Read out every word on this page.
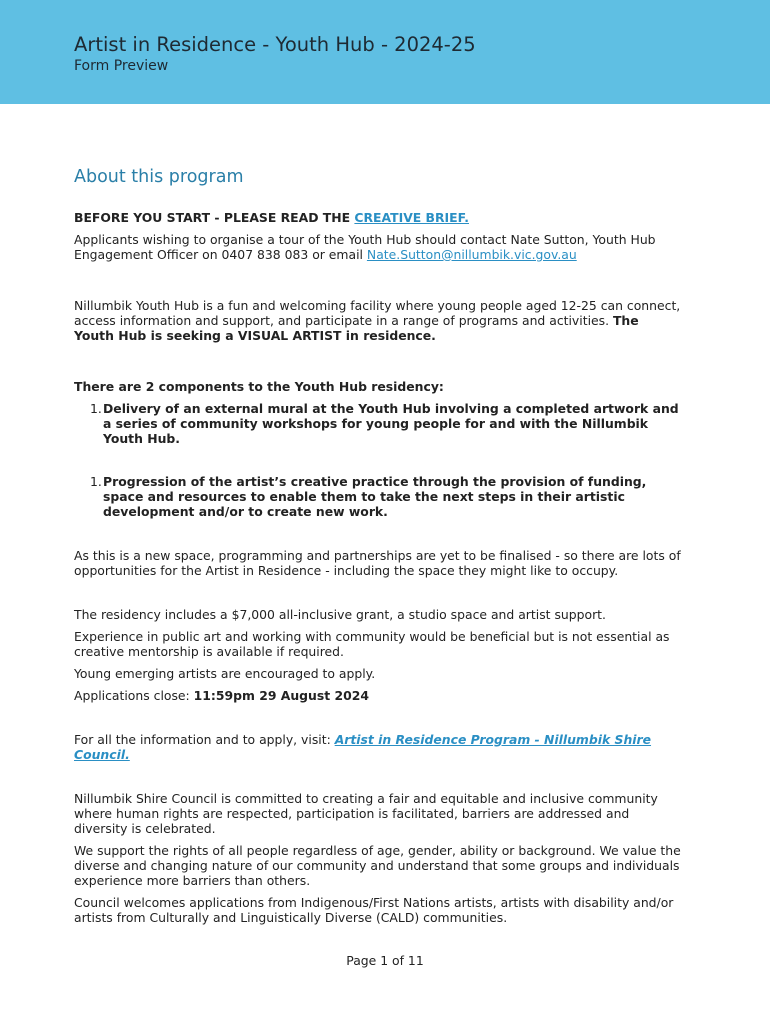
Artist in Residence - Youth Hub - 2024-25
Form Preview
About this program

BEFORE YOU START - PLEASE READ THE CREATIVE BRIEF.

Applicants wishing to organise a tour of the Youth Hub should contact Nate Sutton, Youth Hub Engagement Officer on 0407 838 083 or email Nate.Sutton@nillumbik.vic.gov.au

Nillumbik Youth Hub is a fun and welcoming facility where young people aged 12-25 can connect, access information and support, and participate in a range of programs and activities. The Youth Hub is seeking a VISUAL ARTIST in residence.

There are 2 components to the Youth Hub residency:

1. Delivery of an external mural at the Youth Hub involving a completed artwork and a series of community workshops for young people for and with the Nillumbik Youth Hub.
1. Progression of the artist’s creative practice through the provision of funding, space and resources to enable them to take the next steps in their artistic development and/or to create new work.

As this is a new space, programming and partnerships are yet to be finalised - so there are lots of opportunities for the Artist in Residence - including the space they might like to occupy.

The residency includes a $7,000 all-inclusive grant, a studio space and artist support.

Experience in public art and working with community would be beneficial but is not essential as creative mentorship is available if required.

Young emerging artists are encouraged to apply.

Applications close: 11:59pm 29 August 2024

For all the information and to apply, visit: Artist in Residence Program - Nillumbik Shire Council.

Nillumbik Shire Council is committed to creating a fair and equitable and inclusive community where human rights are respected, participation is facilitated, barriers are addressed and diversity is celebrated.

We support the rights of all people regardless of age, gender, ability or background. We value the diverse and changing nature of our community and understand that some groups and individuals experience more barriers than others.

Council welcomes applications from Indigenous/First Nations artists, artists with disability and/or artists from Culturally and Linguistically Diverse (CALD) communities.

Page 1 of 11
